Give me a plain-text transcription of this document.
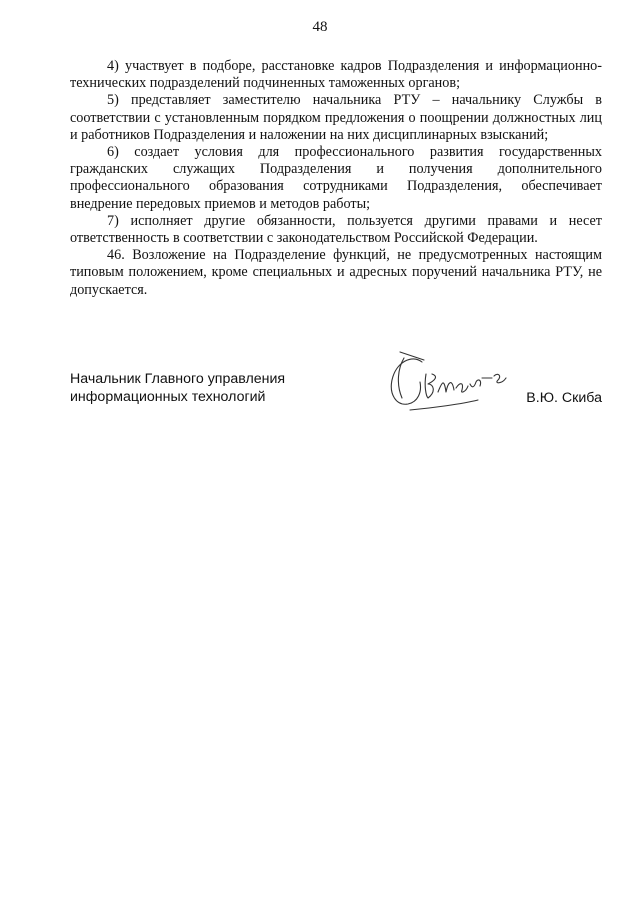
48

4) участвует в подборе, расстановке кадров Подразделения и информационно-технических подразделений подчиненных таможенных органов;

5) представляет заместителю начальника РТУ – начальнику Службы в соответствии с установленным порядком предложения о поощрении должностных лиц и работников Подразделения и наложении на них дисциплинарных взысканий;

6) создает условия для профессионального развития государственных гражданских служащих Подразделения и получения дополнительного профессионального образования сотрудниками Подразделения, обеспечивает внедрение передовых приемов и методов работы;

7) исполняет другие обязанности, пользуется другими правами и несет ответственность в соответствии с законодательством Российской Федерации.

46. Возложение на Подразделение функций, не предусмотренных настоящим типовым положением, кроме специальных и адресных поручений начальника РТУ, не допускается.

Начальник Главного управления
информационных технологий	В.Ю. Скиба
